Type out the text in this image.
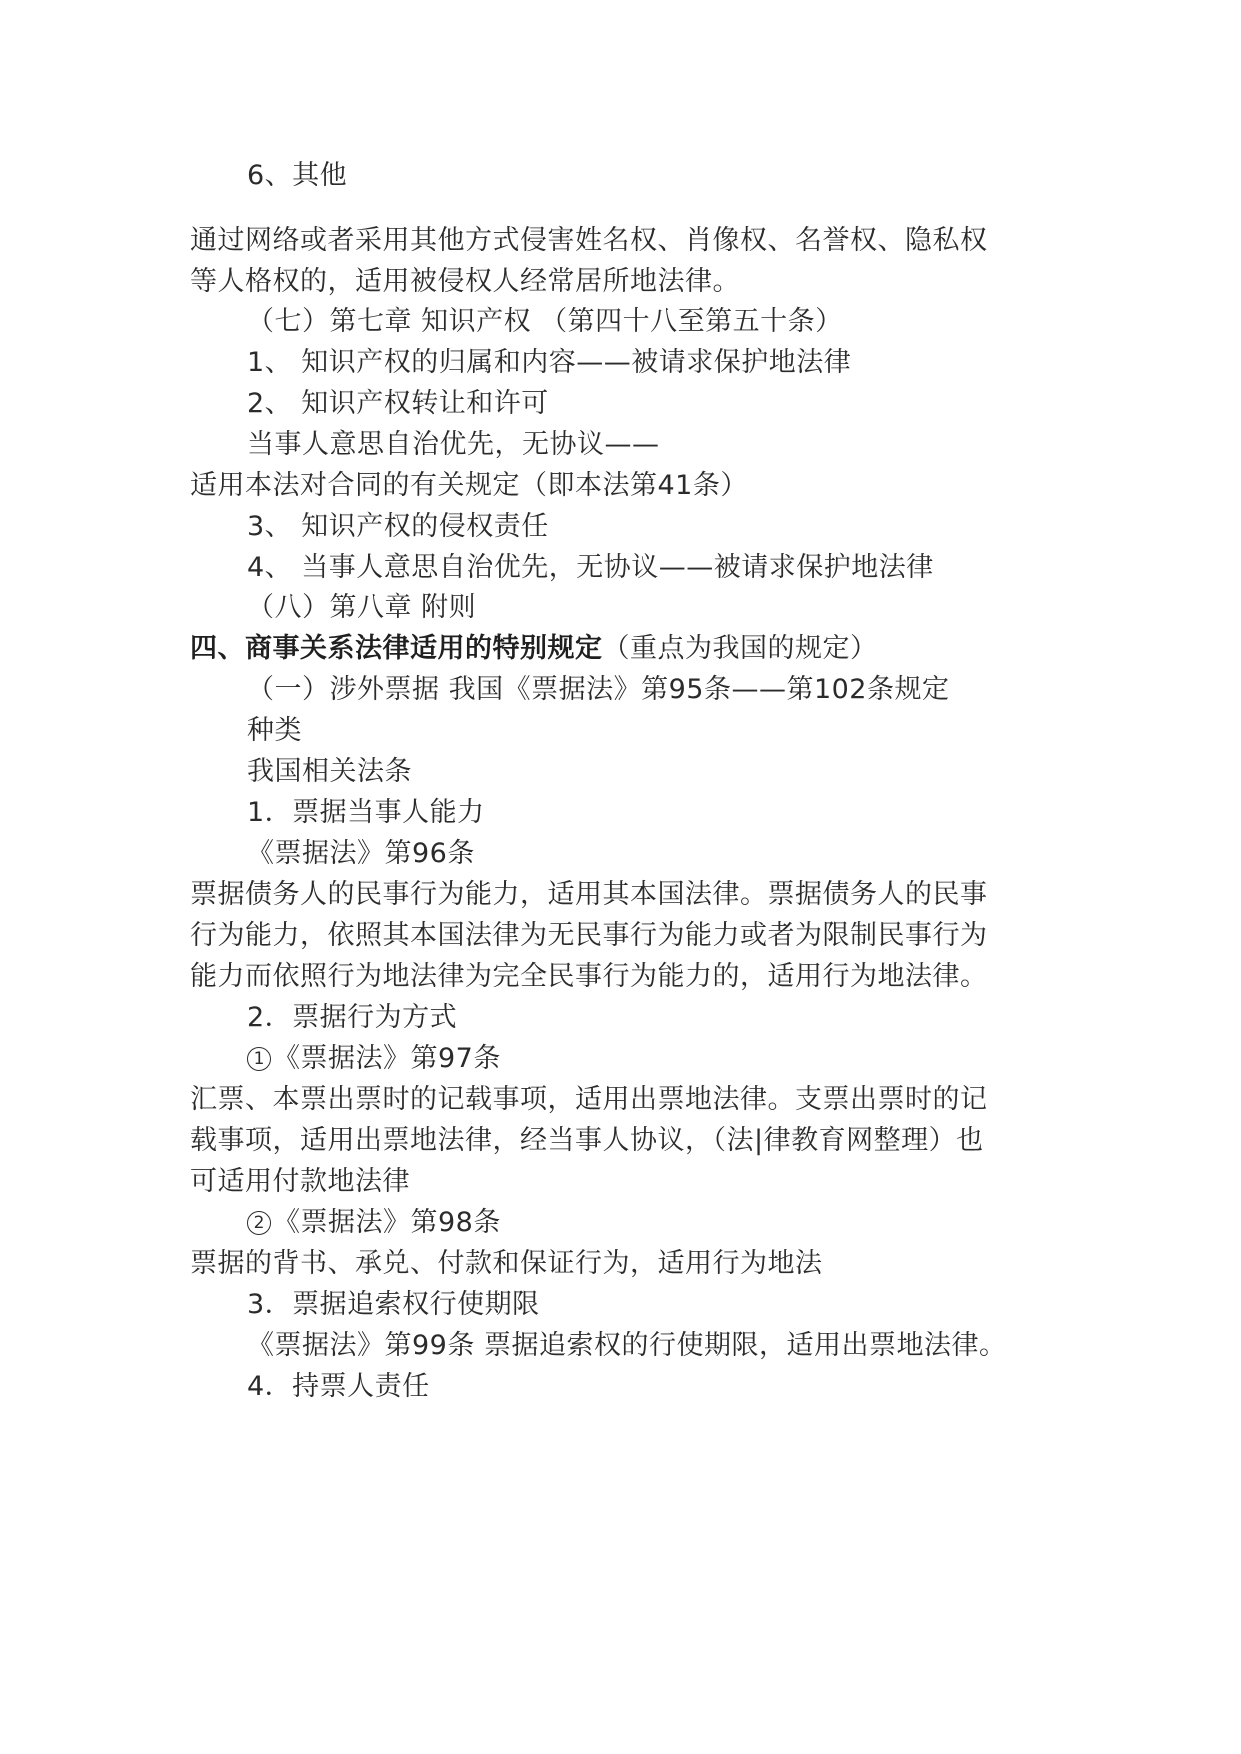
6、其他
通过网络或者采用其他方式侵害姓名权、肖像权、名誉权、隐私权
等人格权的，适用被侵权人经常居所地法律。
（七）第七章 知识产权 （第四十八至第五十条）
1、 知识产权的归属和内容——被请求保护地法律
2、 知识产权转让和许可
当事人意思自治优先，无协议——
适用本法对合同的有关规定（即本法第41条）
3、 知识产权的侵权责任
4、 当事人意思自治优先，无协议——被请求保护地法律
（八）第八章 附则
四、商事关系法律适用的特别规定（重点为我国的规定）
（一）涉外票据 我国《票据法》第95条——第102条规定
种类
我国相关法条
1．票据当事人能力
《票据法》第96条
票据债务人的民事行为能力，适用其本国法律。票据债务人的民事
行为能力，依照其本国法律为无民事行为能力或者为限制民事行为
能力而依照行为地法律为完全民事行为能力的，适用行为地法律。
2．票据行为方式
1 《票据法》第97条
汇票、本票出票时的记载事项，适用出票地法律。支票出票时的记
载事项，适用出票地法律，经当事人协议，（法|律教育网整理）也
可适用付款地法律
2 《票据法》第98条
票据的背书、承兑、付款和保证行为，适用行为地法
3．票据追索权行使期限
《票据法》第99条 票据追索权的行使期限，适用出票地法律。
4．持票人责任
